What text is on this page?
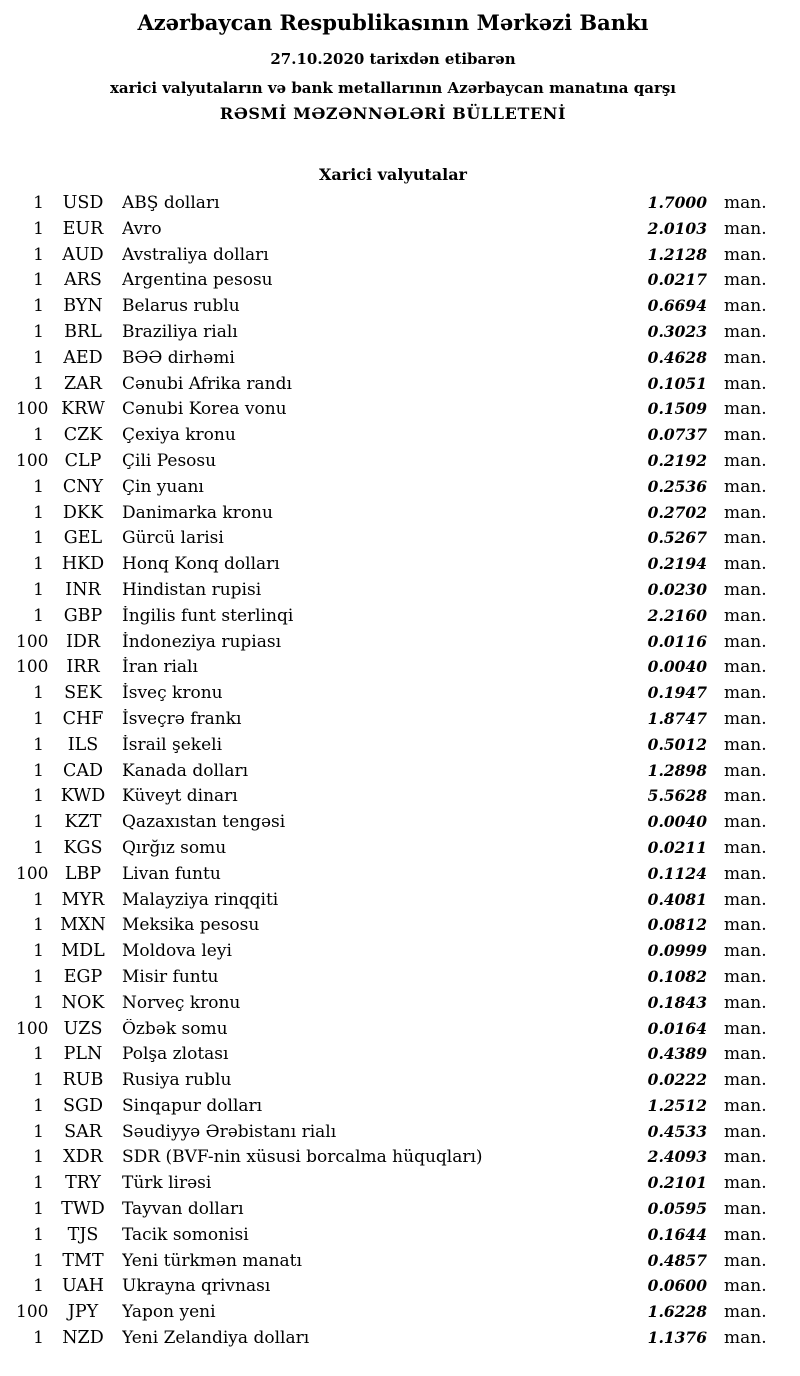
Azərbaycan Respublikasının Mərkəzi Bankı
27.10.2020 tarixdən etibarən
xarici valyutaların və bank metallarının Azərbaycan manatına qarşı
RƏSMİ MƏZƏNNƏLƏRİ BÜLLETENİ
Xarici valyutalar
1	USD	ABŞ dolları	1.7000 man.
1	EUR	Avro	2.0103 man.
1	AUD	Avstraliya dolları	1.2128 man.
1	ARS	Argentina pesosu	0.0217 man.
1	BYN	Belarus rublu	0.6694 man.
1	BRL	Braziliya rialı	0.3023 man.
1	AED	BƏƏ dirhəmi	0.4628 man.
1	ZAR	Cənubi Afrika randı	0.1051 man.
100 KRW	Cənubi Korea vonu	0.1509 man.
1	CZK	Çexiya kronu	0.0737 man.
100 CLP	Çili Pesosu	0.2192 man.
1	CNY	Çin yuanı	0.2536 man.
1	DKK	Danimarka kronu	0.2702 man.
1	GEL	Gürcü larisi	0.5267 man.
1	HKD	Honq Konq dolları	0.2194 man.
1	INR	Hindistan rupisi	0.0230 man.
1	GBP	İngilis funt sterlinqi	2.2160 man.
100 IDR	İndoneziya rupiası	0.0116 man.
100	IRR	İran rialı	0.0040 man.
1	SEK	İsveç kronu	0.1947 man.
1	CHF	İsveçrə frankı	1.8747 man.
1	ILS	İsrail şekeli	0.5012 man.
1	CAD	Kanada dolları	1.2898 man.
1 KWD Küveyt dinarı	5.5628 man.
1	KZT	Qazaxıstan tengəsi	0.0040 man.
1	KGS	Qırğız somu	0.0211 man.
100 LBP	Livan funtu	0.1124 man.
1	MYR	Malayziya rinqqiti	0.4081 man.
1 MXN Meksika pesosu	0.0812 man.
1 MDL	Moldova leyi	0.0999 man.
1	EGP	Misir funtu	0.1082 man.
1	NOK	Norveç kronu	0.1843 man.
100 UZS	Özbək somu	0.0164 man.
1	PLN	Polşa zlotası	0.4389 man.
1	RUB	Rusiya rublu	0.0222 man.
1	SGD	Sinqapur dolları	1.2512 man.
1	SAR	Səudiyyə Ərəbistanı rialı	0.4533 man.
1	XDR	SDR (BVF-nin xüsusi borcalma hüquqları)	2.4093 man.
1	TRY	Türk lirəsi	0.2101 man.
1 TWD	Tayvan dolları	0.0595 man.
1	TJS	Tacik somonisi	0.1644 man.
1	TMT	Yeni türkmən manatı	0.4857 man.
1	UAH	Ukrayna qrivnası	0.0600 man.
100	JPY	Yapon yeni	1.6228 man.
1	NZD	Yeni Zelandiya dolları	1.1376 man.
